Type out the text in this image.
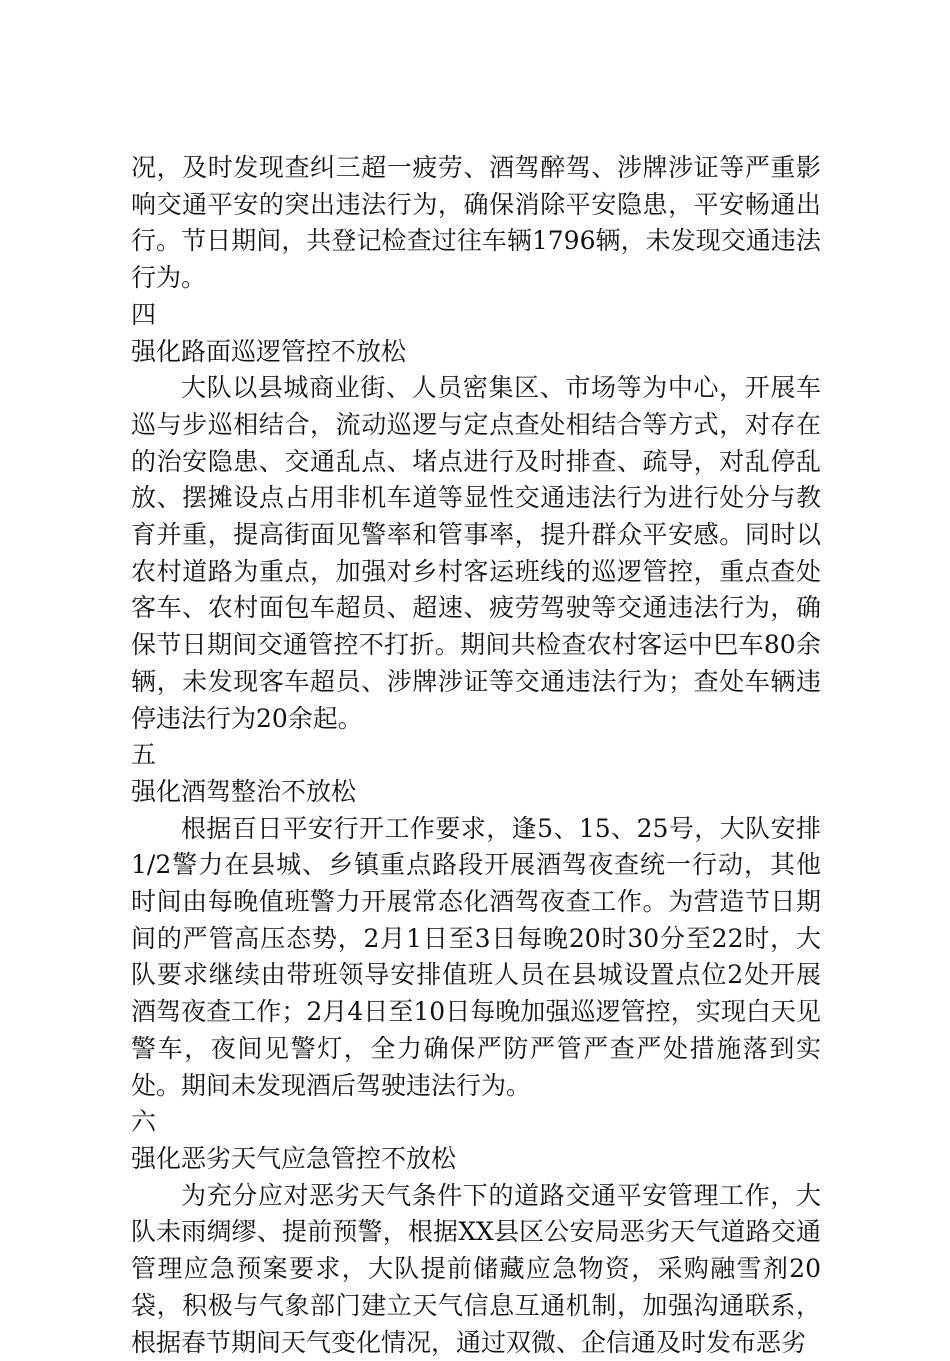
况，及时发现查纠三超一疲劳、酒驾醉驾、涉牌涉证等严重影响交通平安的突出违法行为，确保消除平安隐患，平安畅通出行。节日期间，共登记检查过往车辆1796辆，未发现交通违法行为。

四

强化路面巡逻管控不放松

大队以县城商业街、人员密集区、市场等为中心，开展车巡与步巡相结合，流动巡逻与定点查处相结合等方式，对存在的治安隐患、交通乱点、堵点进行及时排查、疏导，对乱停乱放、摆摊设点占用非机车道等显性交通违法行为进行处分与教育并重，提高街面见警率和管事率，提升群众平安感。同时以农村道路为重点，加强对乡村客运班线的巡逻管控，重点查处客车、农村面包车超员、超速、疲劳驾驶等交通违法行为，确保节日期间交通管控不打折。期间共检查农村客运中巴车80余辆，未发现客车超员、涉牌涉证等交通违法行为；查处车辆违停违法行为20余起。

五

强化酒驾整治不放松

根据百日平安行开工作要求，逢5、15、25号，大队安排1/2警力在县城、乡镇重点路段开展酒驾夜查统一行动，其他时间由每晚值班警力开展常态化酒驾夜查工作。为营造节日期间的严管高压态势，2月1日至3日每晚20时30分至22时，大队要求继续由带班领导安排值班人员在县城设置点位2处开展酒驾夜查工作；2月4日至10日每晚加强巡逻管控，实现白天见警车，夜间见警灯，全力确保严防严管严查严处措施落到实处。期间未发现酒后驾驶违法行为。

六

强化恶劣天气应急管控不放松

为充分应对恶劣天气条件下的道路交通平安管理工作，大队未雨绸缪、提前预警，根据XX县区公安局恶劣天气道路交通管理应急预案要求，大队提前储藏应急物资，采购融雪剂20袋，积极与气象部门建立天气信息互通机制，加强沟通联系，根据春节期间天气变化情况，通过双微、企信通及时发布恶劣
